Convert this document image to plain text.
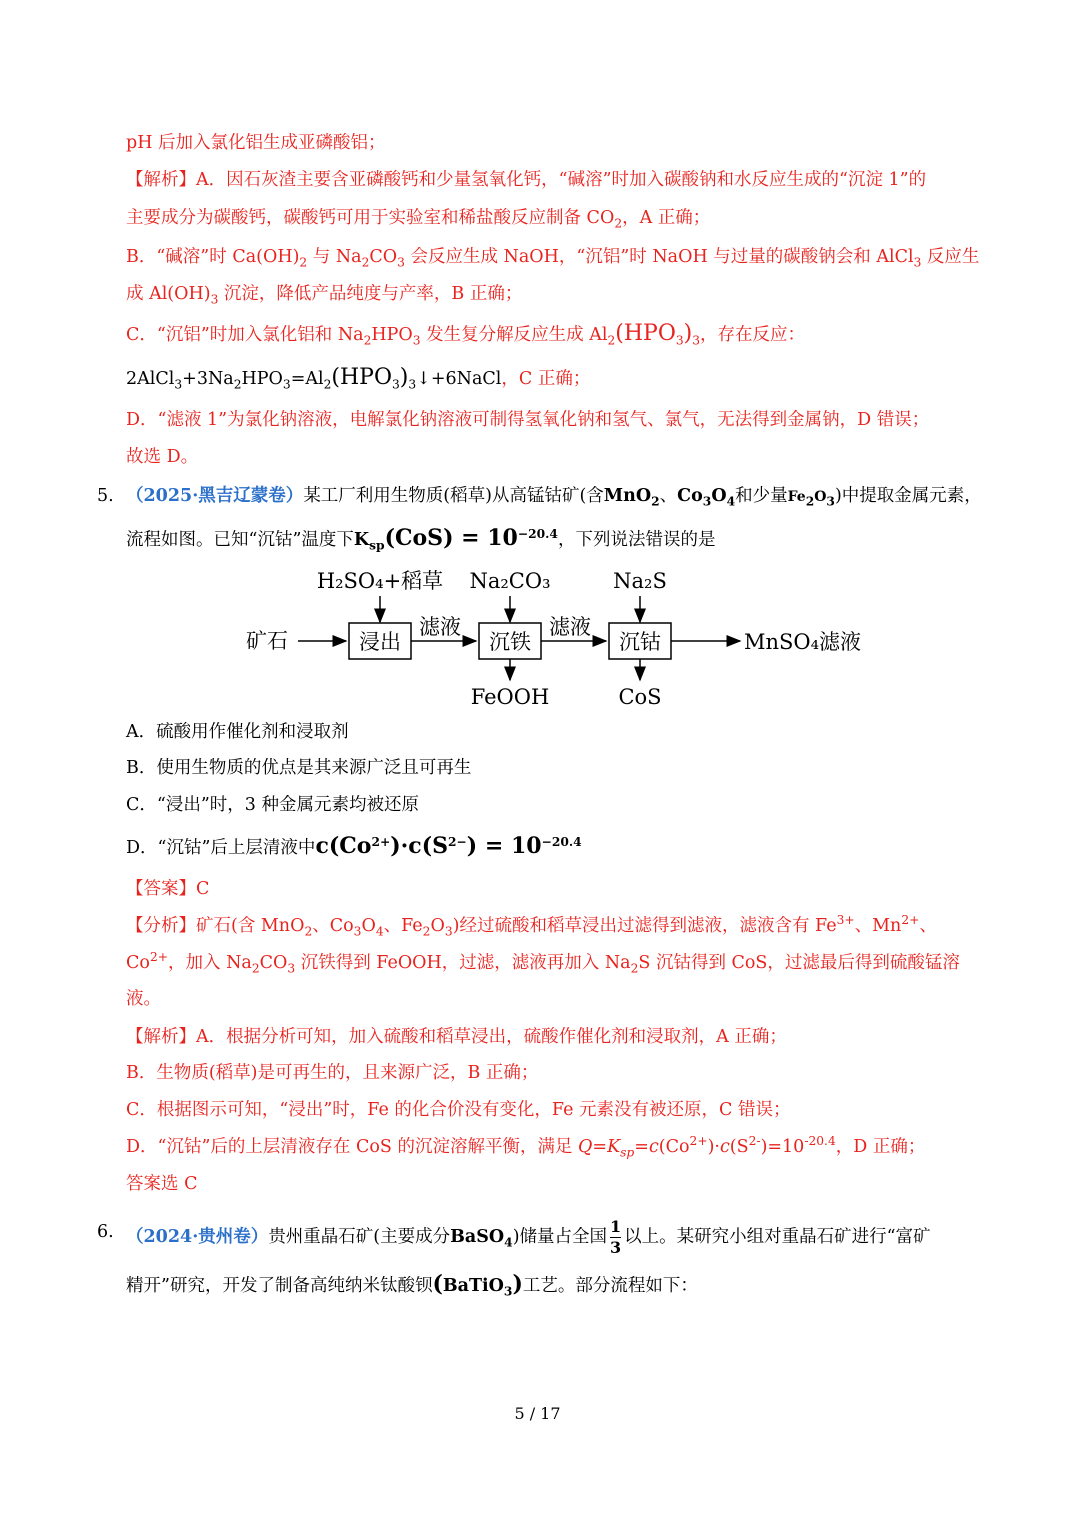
pH 后加入氯化铝生成亚磷酸铝；
【解析】A．因石灰渣主要含亚磷酸钙和少量氢氧化钙，“碱溶”时加入碳酸钠和水反应生成的“沉淀 1”的
主要成分为碳酸钙，碳酸钙可用于实验室和稀盐酸反应制备 $CO_2$，A 正确；
B．“碱溶”时 $Ca(OH)_2$ 与 $Na_2CO_3$ 会反应生成 NaOH，“沉铝”时 NaOH 与过量的碳酸钠会和 AlCl$_3$ 反应生
成 $Al(OH)_3$ 沉淀，降低产品纯度与产率，B 正确；
C．“沉铝”时加入氯化铝和 $Na_2HPO_3$ 发生复分解反应生成 $Al_2(HPO_3)_3$，存在反应：
$2AlCl_3+3Na_2HPO_3=Al_2(HPO_3)_3↓+6NaCl$，C 正确；
D．“滤液 1”为氯化钠溶液，电解氯化钠溶液可制得氢氧化钠和氢气、氯气，无法得到金属钠，D 错误；
故选 D。
5. （2025·黑吉辽蒙卷）某工厂利用生物质(稻草)从高锰钴矿(含MnO$_2$、$Co_3O_4$和少量$Fe_2O_3$)中提取金属元素，
流程如图。已知“沉钴”温度下$K_{sp}(CoS) = 10^{-20.4}$，下列说法错误的是
H₂SO₄+稻草 Na₂CO₃	Na₂S
矿石	浸出
滤液
沉铁
滤液
沉钴	MnSO₄滤液
FeOOH	CoS
A．硫酸用作催化剂和浸取剂
B．使用生物质的优点是其来源广泛且可再生
C．“浸出”时，3 种金属元素均被还原
D．“沉钴”后上层清液中$c(Co^{2+})\cdot c(S^{2-}) = 10^{-20.4}$
【答案】C
【分析】矿石(含 MnO$_2$、$Co_3O_4$、$Fe_2O_3$)经过硫酸和稻草浸出过滤得到滤液，滤液含有 $Fe^{3+}$、$Mn^{2+}$、
$Co^{2+}$，加入 $Na_2CO_3$ 沉铁得到 FeOOH，过滤，滤液再加入 $Na_2S$ 沉钴得到 CoS，过滤最后得到硫酸锰溶
液。
【解析】A．根据分析可知，加入硫酸和稻草浸出，硫酸作催化剂和浸取剂，A 正确；
B．生物质(稻草)是可再生的，且来源广泛，B 正确；
C．根据图示可知，“浸出”时，Fe 的化合价没有变化，Fe 元素没有被还原，C 错误；
D．“沉钴”后的上层清液存在 CoS 的沉淀溶解平衡，满足 $Q=K_{sp}=c(Co^{2+})\cdot c(S^{2-})=10^{-20.4}$，D 正确；
答案选 C
6. （2024·贵州卷）贵州重晶石矿(主要成分BaSO$_4$)储量占全国 $\frac{1}{3}$ 以上。某研究小组对重晶石矿进行“富矿
精开”研究，开发了制备高纯纳米钛酸钡(BaTiO$_3$)工艺。部分流程如下：
5 / 17
